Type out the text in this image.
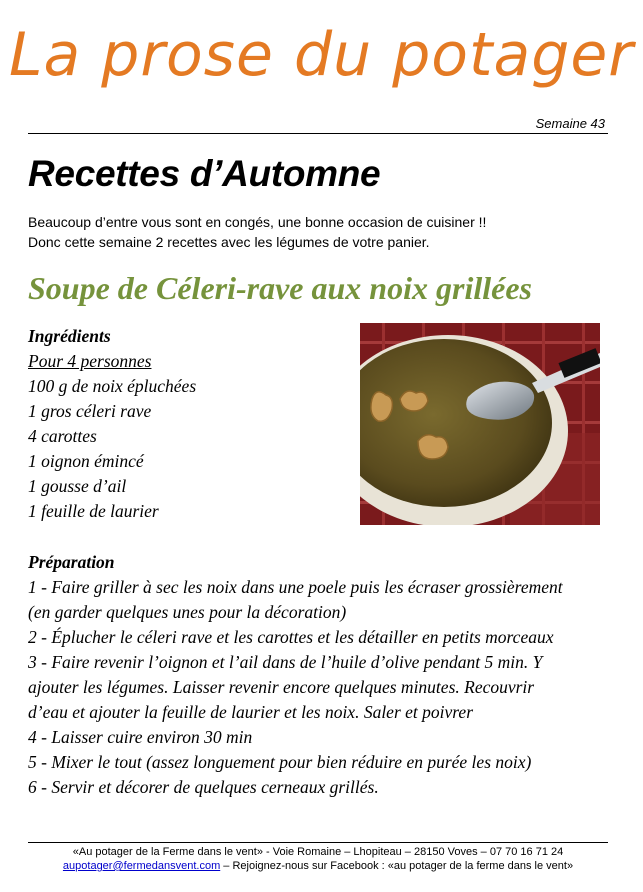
La prose du potager
Semaine 43
Recettes d’Automne
Beaucoup d’entre vous sont en congés, une bonne occasion de cuisiner !!
Donc cette semaine 2 recettes avec les légumes de votre panier.
Soupe de Céleri-rave aux noix grillées
Ingrédients
Pour 4 personnes
100 g de noix épluchées
1 gros céleri rave
4 carottes
1 oignon émincé
1 gousse d’ail
1 feuille de laurier
Préparation
1 - Faire griller à sec les noix dans une poele puis les écraser grossièrement
(en garder quelques unes pour la décoration)
2 - Éplucher le céleri rave et les carottes et les détailler en petits morceaux
3 - Faire revenir l’oignon et l’ail dans de l’huile d’olive pendant 5 min. Y
ajouter les légumes. Laisser revenir encore quelques minutes. Recouvrir
d’eau et ajouter la feuille de laurier et les noix. Saler et poivrer
4 - Laisser cuire environ 30 min
5 - Mixer le tout (assez longuement pour bien réduire en purée les noix)
6 - Servir et décorer de quelques cerneaux grillés.
«Au potager de la Ferme dans le vent» - Voie Romaine – Lhopiteau – 28150 Voves – 07 70 16 71 24
aupotager@fermedansvent.com – Rejoignez-nous sur Facebook : «au potager de la ferme dans le vent»
